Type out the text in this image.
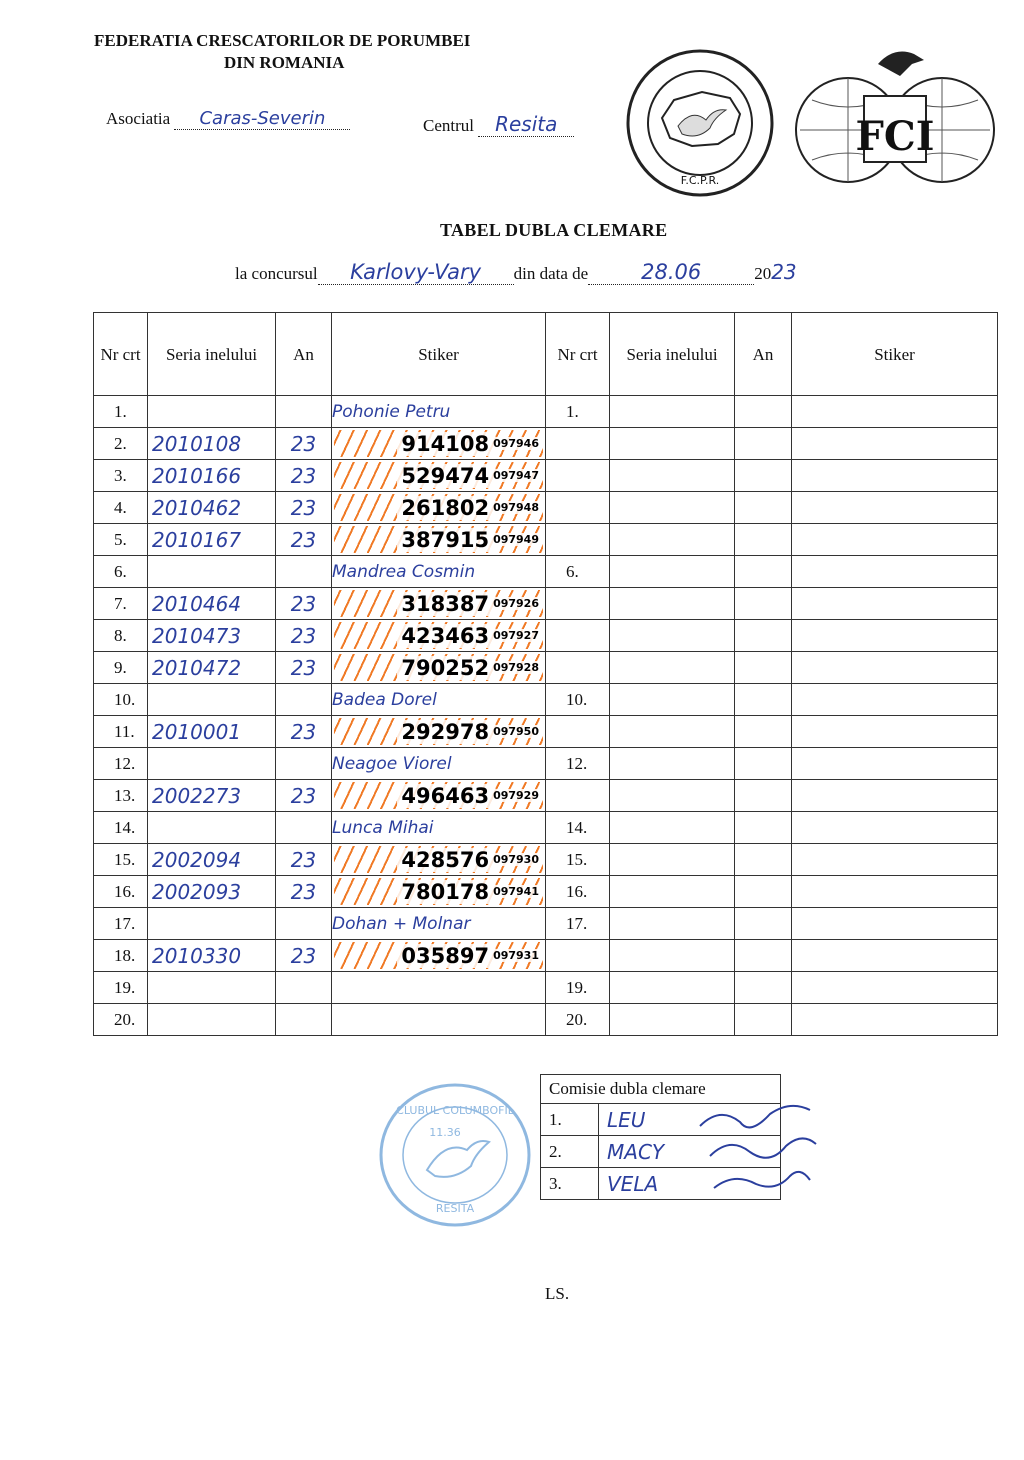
FEDERATIA CRESCATORILOR DE PORUMBEI
DIN ROMANIA
Asociatia Caras-Severin	Centrul Resita
F.C.P.R.
FCI
TABEL DUBLA CLEMARE
la concursul Karlovy-Vary din data de	28.06	2023
Nr crt	Seria inelului	An	Stiker	Nr crt	Seria inelului	An	Stiker
1.			Pohonie Petru	1.			
2.	2010108	23	914108 097946				

3.	2010166	23	529474 097947				

4.	2010462	23	261802 097948				

5.	2010167	23	387915 097949				

6.			Mandrea Cosmin	6.			
7.	2010464	23	318387 097926				

8.	2010473	23	423463 097927				

9.	2010472	23	790252 097928				

10.			Badea Dorel	10.			
11.	2010001	23	292978 097950				

12.			Neagoe Viorel	12.			
13.	2002273	23	496463 097929				

14.			Lunca Mihai	14.			
15.	2002094	23	428576 097930	15.			
16.	2002093	23	780178 097941	16.			
17.			Dohan + Molnar	17.			
18.	2010330	23	035897 097931				

19.				19.			
20.				20.			
Comisie dubla clemare	
1.	LEU
2.	MACY
3.	VELA
CLUBUL COLUMBOFIL
11.36
RESITA
LS.
